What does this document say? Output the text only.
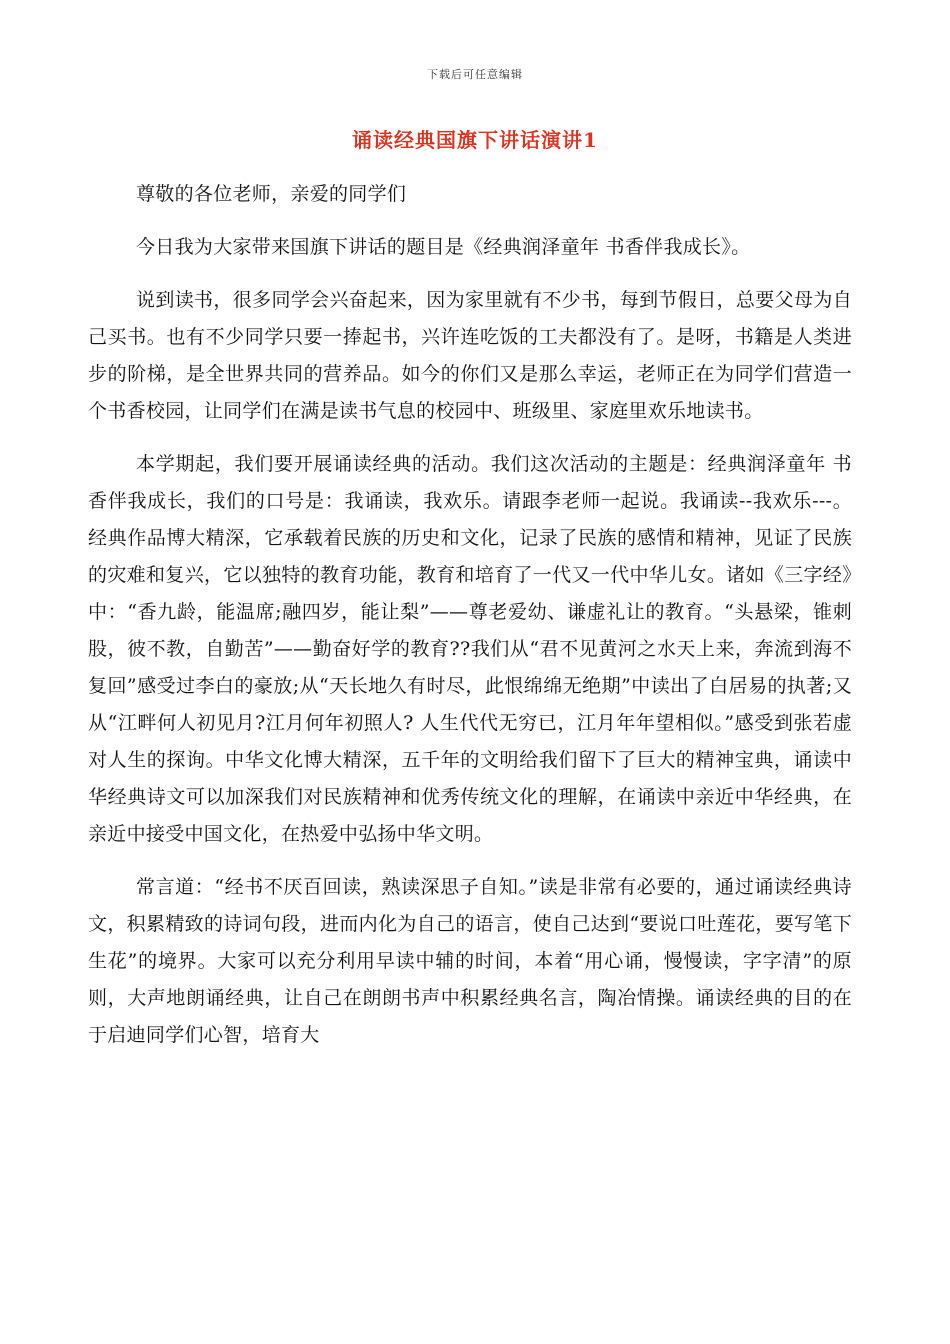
下载后可任意编辑
诵读经典国旗下讲话演讲1

尊敬的各位老师，亲爱的同学们

今日我为大家带来国旗下讲话的题目是《经典润泽童年 书香伴我成长》。

说到读书，很多同学会兴奋起来，因为家里就有不少书，每到节假日，总要父母为自己买书。也有不少同学只要一捧起书，兴许连吃饭的工夫都没有了。是呀，书籍是人类进步的阶梯，是全世界共同的营养品。如今的你们又是那么幸运，老师正在为同学们营造一个书香校园，让同学们在满是读书气息的校园中、班级里、家庭里欢乐地读书。

本学期起，我们要开展诵读经典的活动。我们这次活动的主题是：经典润泽童年 书香伴我成长，我们的口号是：我诵读，我欢乐。请跟李老师一起说。我诵读--我欢乐---。经典作品博大精深，它承载着民族的历史和文化，记录了民族的感情和精神，见证了民族的灾难和复兴，它以独特的教育功能，教育和培育了一代又一代中华儿女。诸如《三字经》中：“香九龄，能温席;融四岁，能让梨”——尊老爱幼、谦虚礼让的教育。“头悬梁，锥刺股，彼不教，自勤苦”——勤奋好学的教育??我们从“君不见黄河之水天上来，奔流到海不复回”感受过李白的豪放;从“天长地久有时尽，此恨绵绵无绝期”中读出了白居易的执著;又从“江畔何人初见月?江月何年初照人? 人生代代无穷已，江月年年望相似。”感受到张若虚对人生的探询。中华文化博大精深，五千年的文明给我们留下了巨大的精神宝典，诵读中华经典诗文可以加深我们对民族精神和优秀传统文化的理解，在诵读中亲近中华经典，在亲近中接受中国文化，在热爱中弘扬中华文明。

常言道：“经书不厌百回读，熟读深思子自知。”读是非常有必要的，通过诵读经典诗文，积累精致的诗词句段，进而内化为自己的语言，使自己达到“要说口吐莲花，要写笔下生花”的境界。大家可以充分利用早读中辅的时间，本着“用心诵，慢慢读，字字清”的原则，大声地朗诵经典，让自己在朗朗书声中积累经典名言，陶冶情操。诵读经典的目的在于启迪同学们心智，培育大
